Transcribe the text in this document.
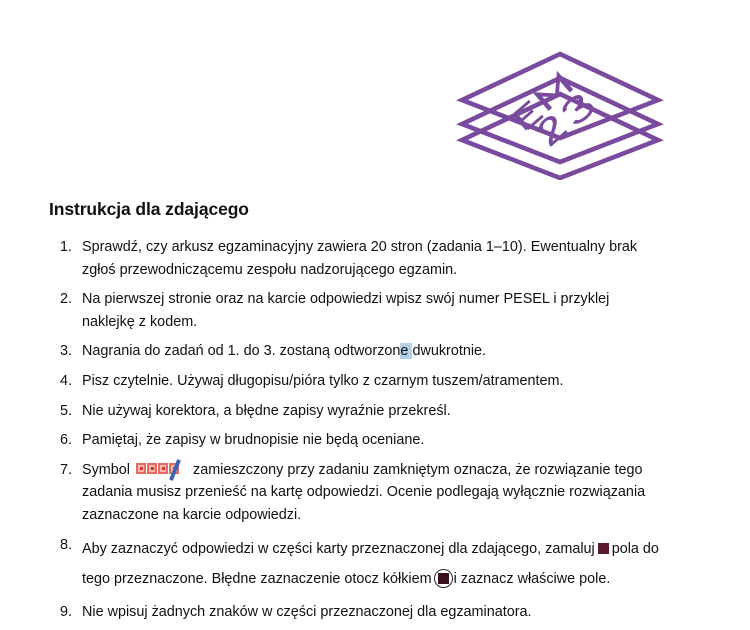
Instrukcja dla zdającego
1. Sprawdź, czy arkusz egzaminacyjny zawiera 20 stron (zadania 1–10). Ewentualny brak zgłoś przewodniczącemu zespołu nadzorującego egzamin.
2. Na pierwszej stronie oraz na karcie odpowiedzi wpisz swój numer PESEL i przyklej naklejkę z kodem.
3. Nagrania do zadań od 1. do 3. zostaną odtworzone dwukrotnie.
4. Pisz czytelnie. Używaj długopisu/pióra tylko z czarnym tuszem/atramentem.
5. Nie używaj korektora, a błędne zapisy wyraźnie przekreśl.
6. Pamiętaj, że zapisy w brudnopisie nie będą oceniane.
7. Symbol	zamieszczony przy zadaniu zamkniętym oznacza, że rozwiązanie tego zadania musisz przenieść na kartę odpowiedzi. Ocenie podlegają wyłącznie rozwiązania zaznaczone na karcie odpowiedzi.
8. Aby zaznaczyć odpowiedzi w części karty przeznaczonej dla zdającego, zamaluj pola do tego przeznaczone. Błędne zaznaczenie otocz kółkiem i zaznacz właściwe pole.
9. Nie wpisuj żadnych znaków w części przeznaczonej dla egzaminatora.
